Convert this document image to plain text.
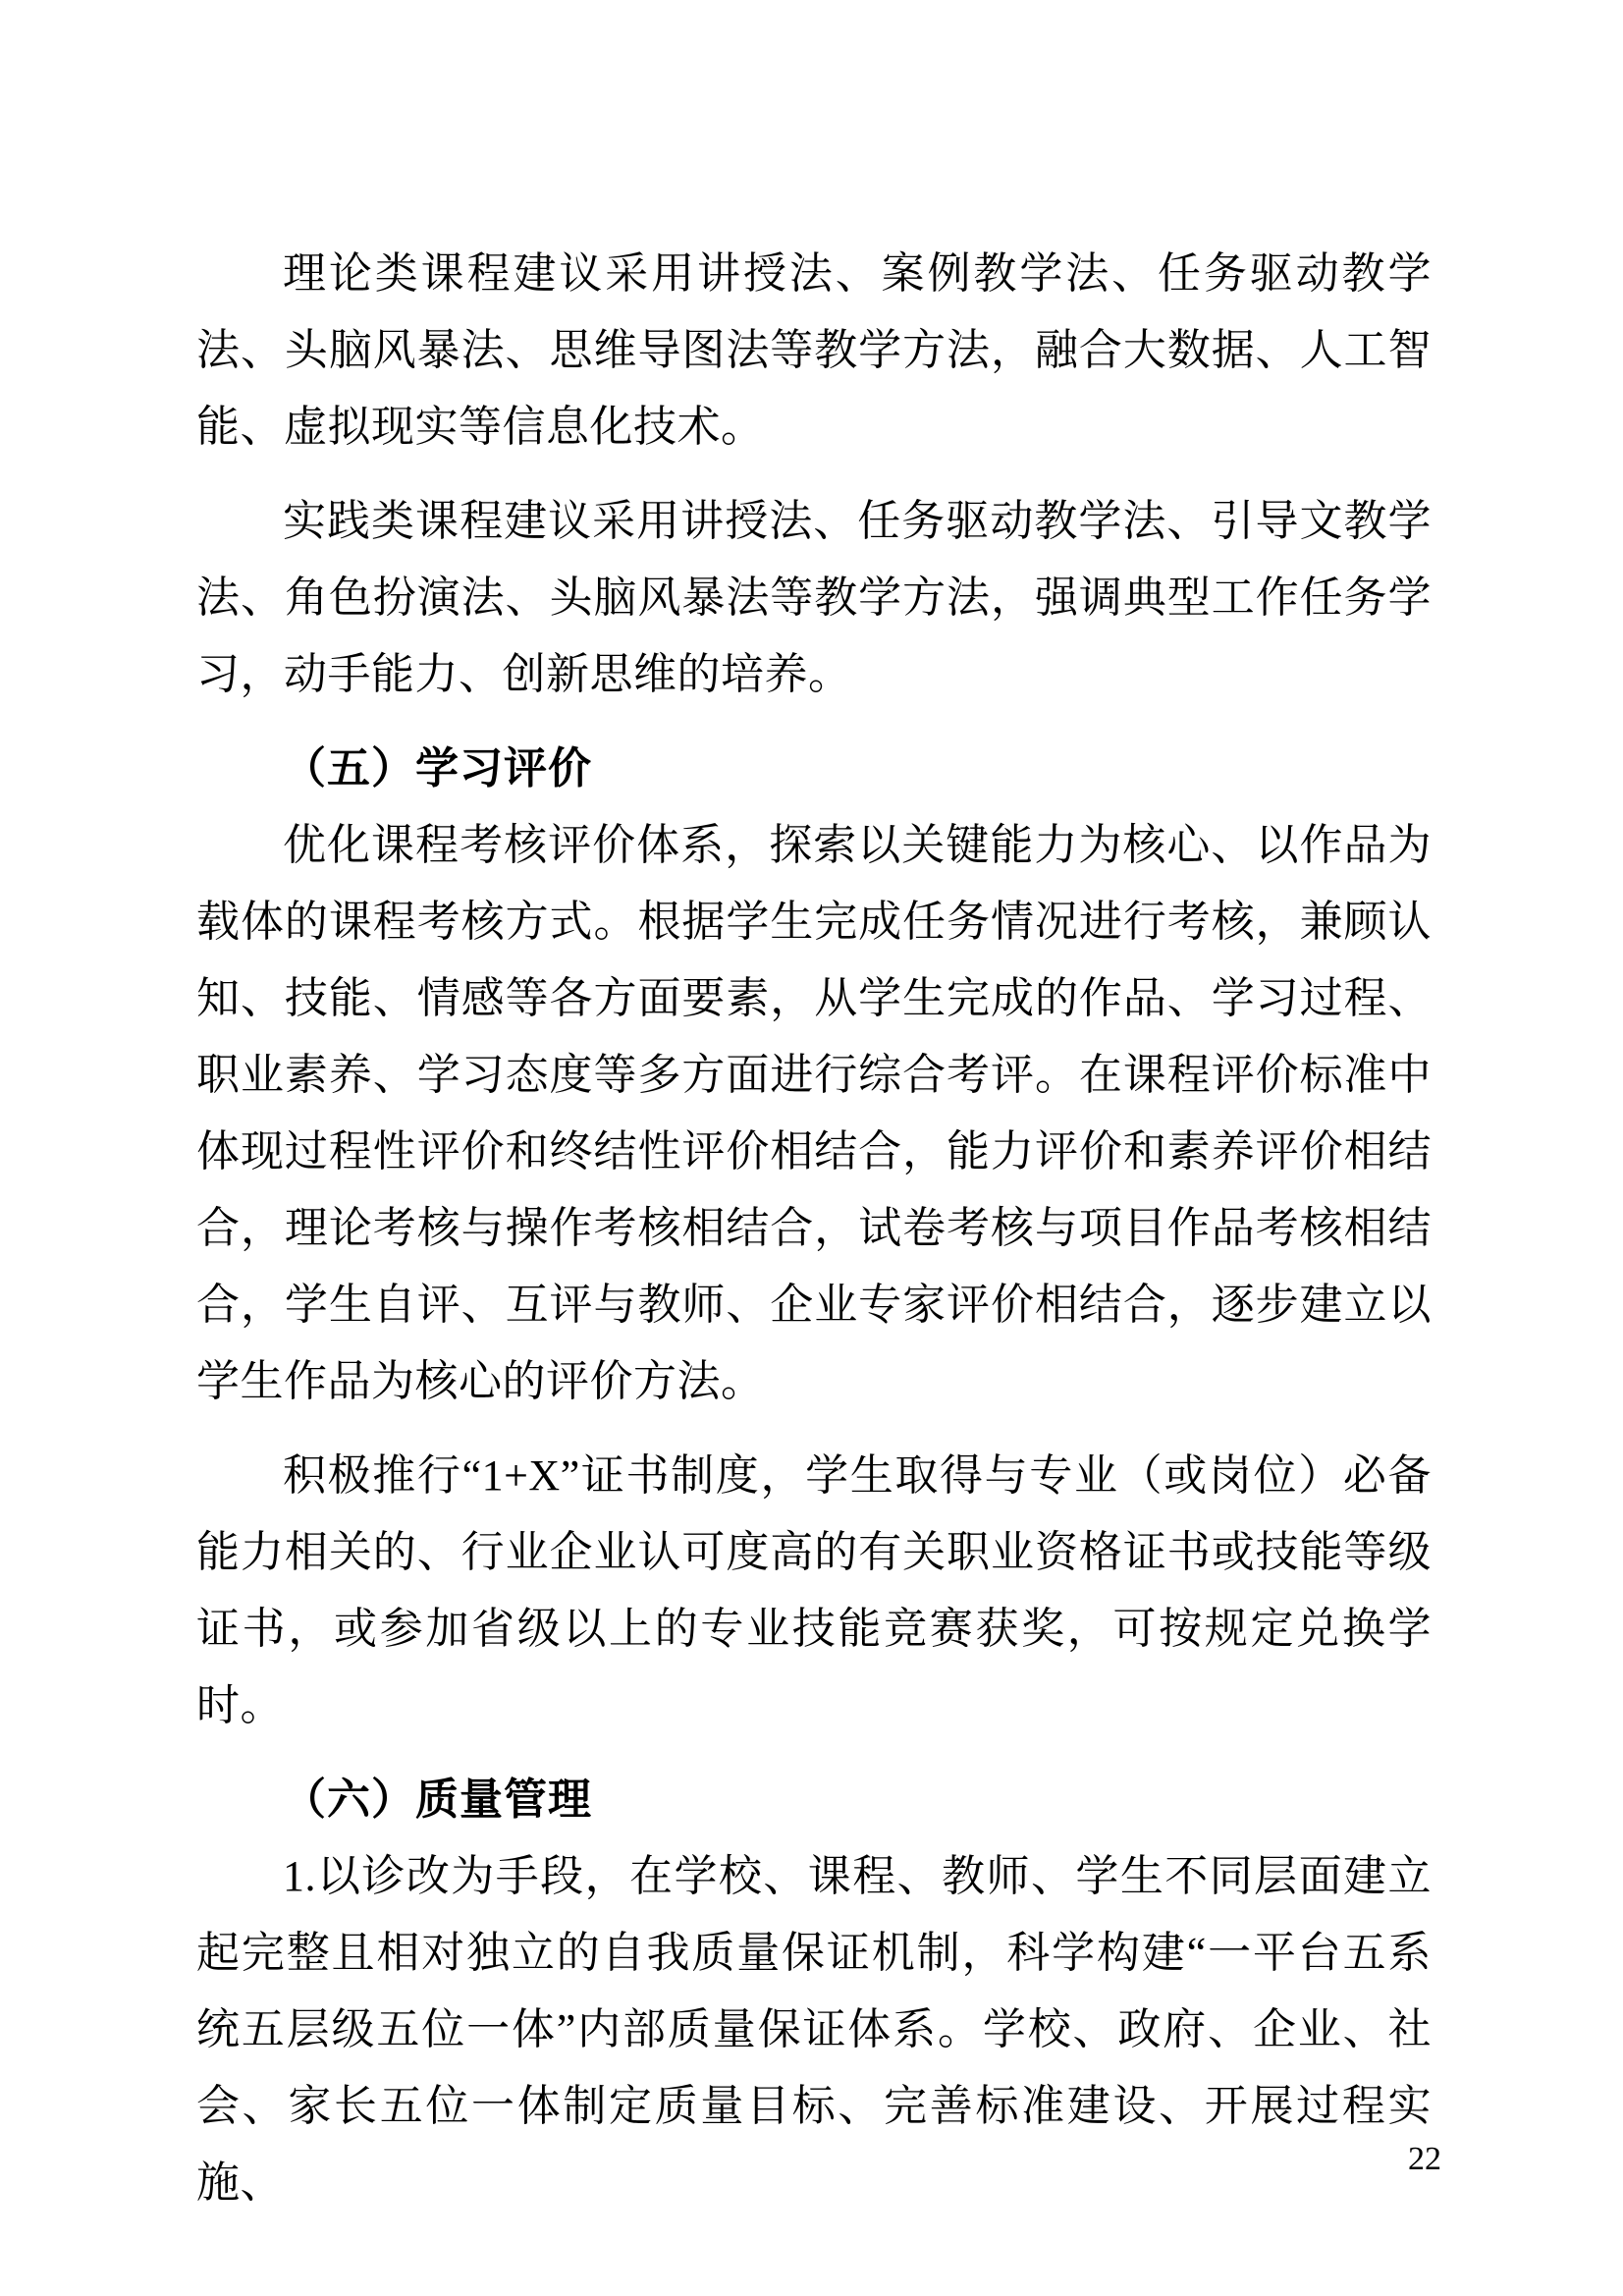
理论类课程建议采用讲授法、案例教学法、任务驱动教学法、头脑风暴法、思维导图法等教学方法，融合大数据、人工智能、虚拟现实等信息化技术。

实践类课程建议采用讲授法、任务驱动教学法、引导文教学法、角色扮演法、头脑风暴法等教学方法，强调典型工作任务学习，动手能力、创新思维的培养。

（五）学习评价

优化课程考核评价体系，探索以关键能力为核心、以作品为载体的课程考核方式。根据学生完成任务情况进行考核，兼顾认知、技能、情感等各方面要素，从学生完成的作品、学习过程、职业素养、学习态度等多方面进行综合考评。在课程评价标准中体现过程性评价和终结性评价相结合，能力评价和素养评价相结合，理论考核与操作考核相结合，试卷考核与项目作品考核相结合，学生自评、互评与教师、企业专家评价相结合，逐步建立以学生作品为核心的评价方法。

积极推行“1+X”证书制度，学生取得与专业（或岗位）必备能力相关的、行业企业认可度高的有关职业资格证书或技能等级证书，或参加省级以上的专业技能竞赛获奖，可按规定兑换学时。

（六）质量管理

1.以诊改为手段，在学校、课程、教师、学生不同层面建立起完整且相对独立的自我质量保证机制，科学构建“一平台五系统五层级五位一体”内部质量保证体系。学校、政府、企业、社会、家长五位一体制定质量目标、完善标准建设、开展过程实施、	22
